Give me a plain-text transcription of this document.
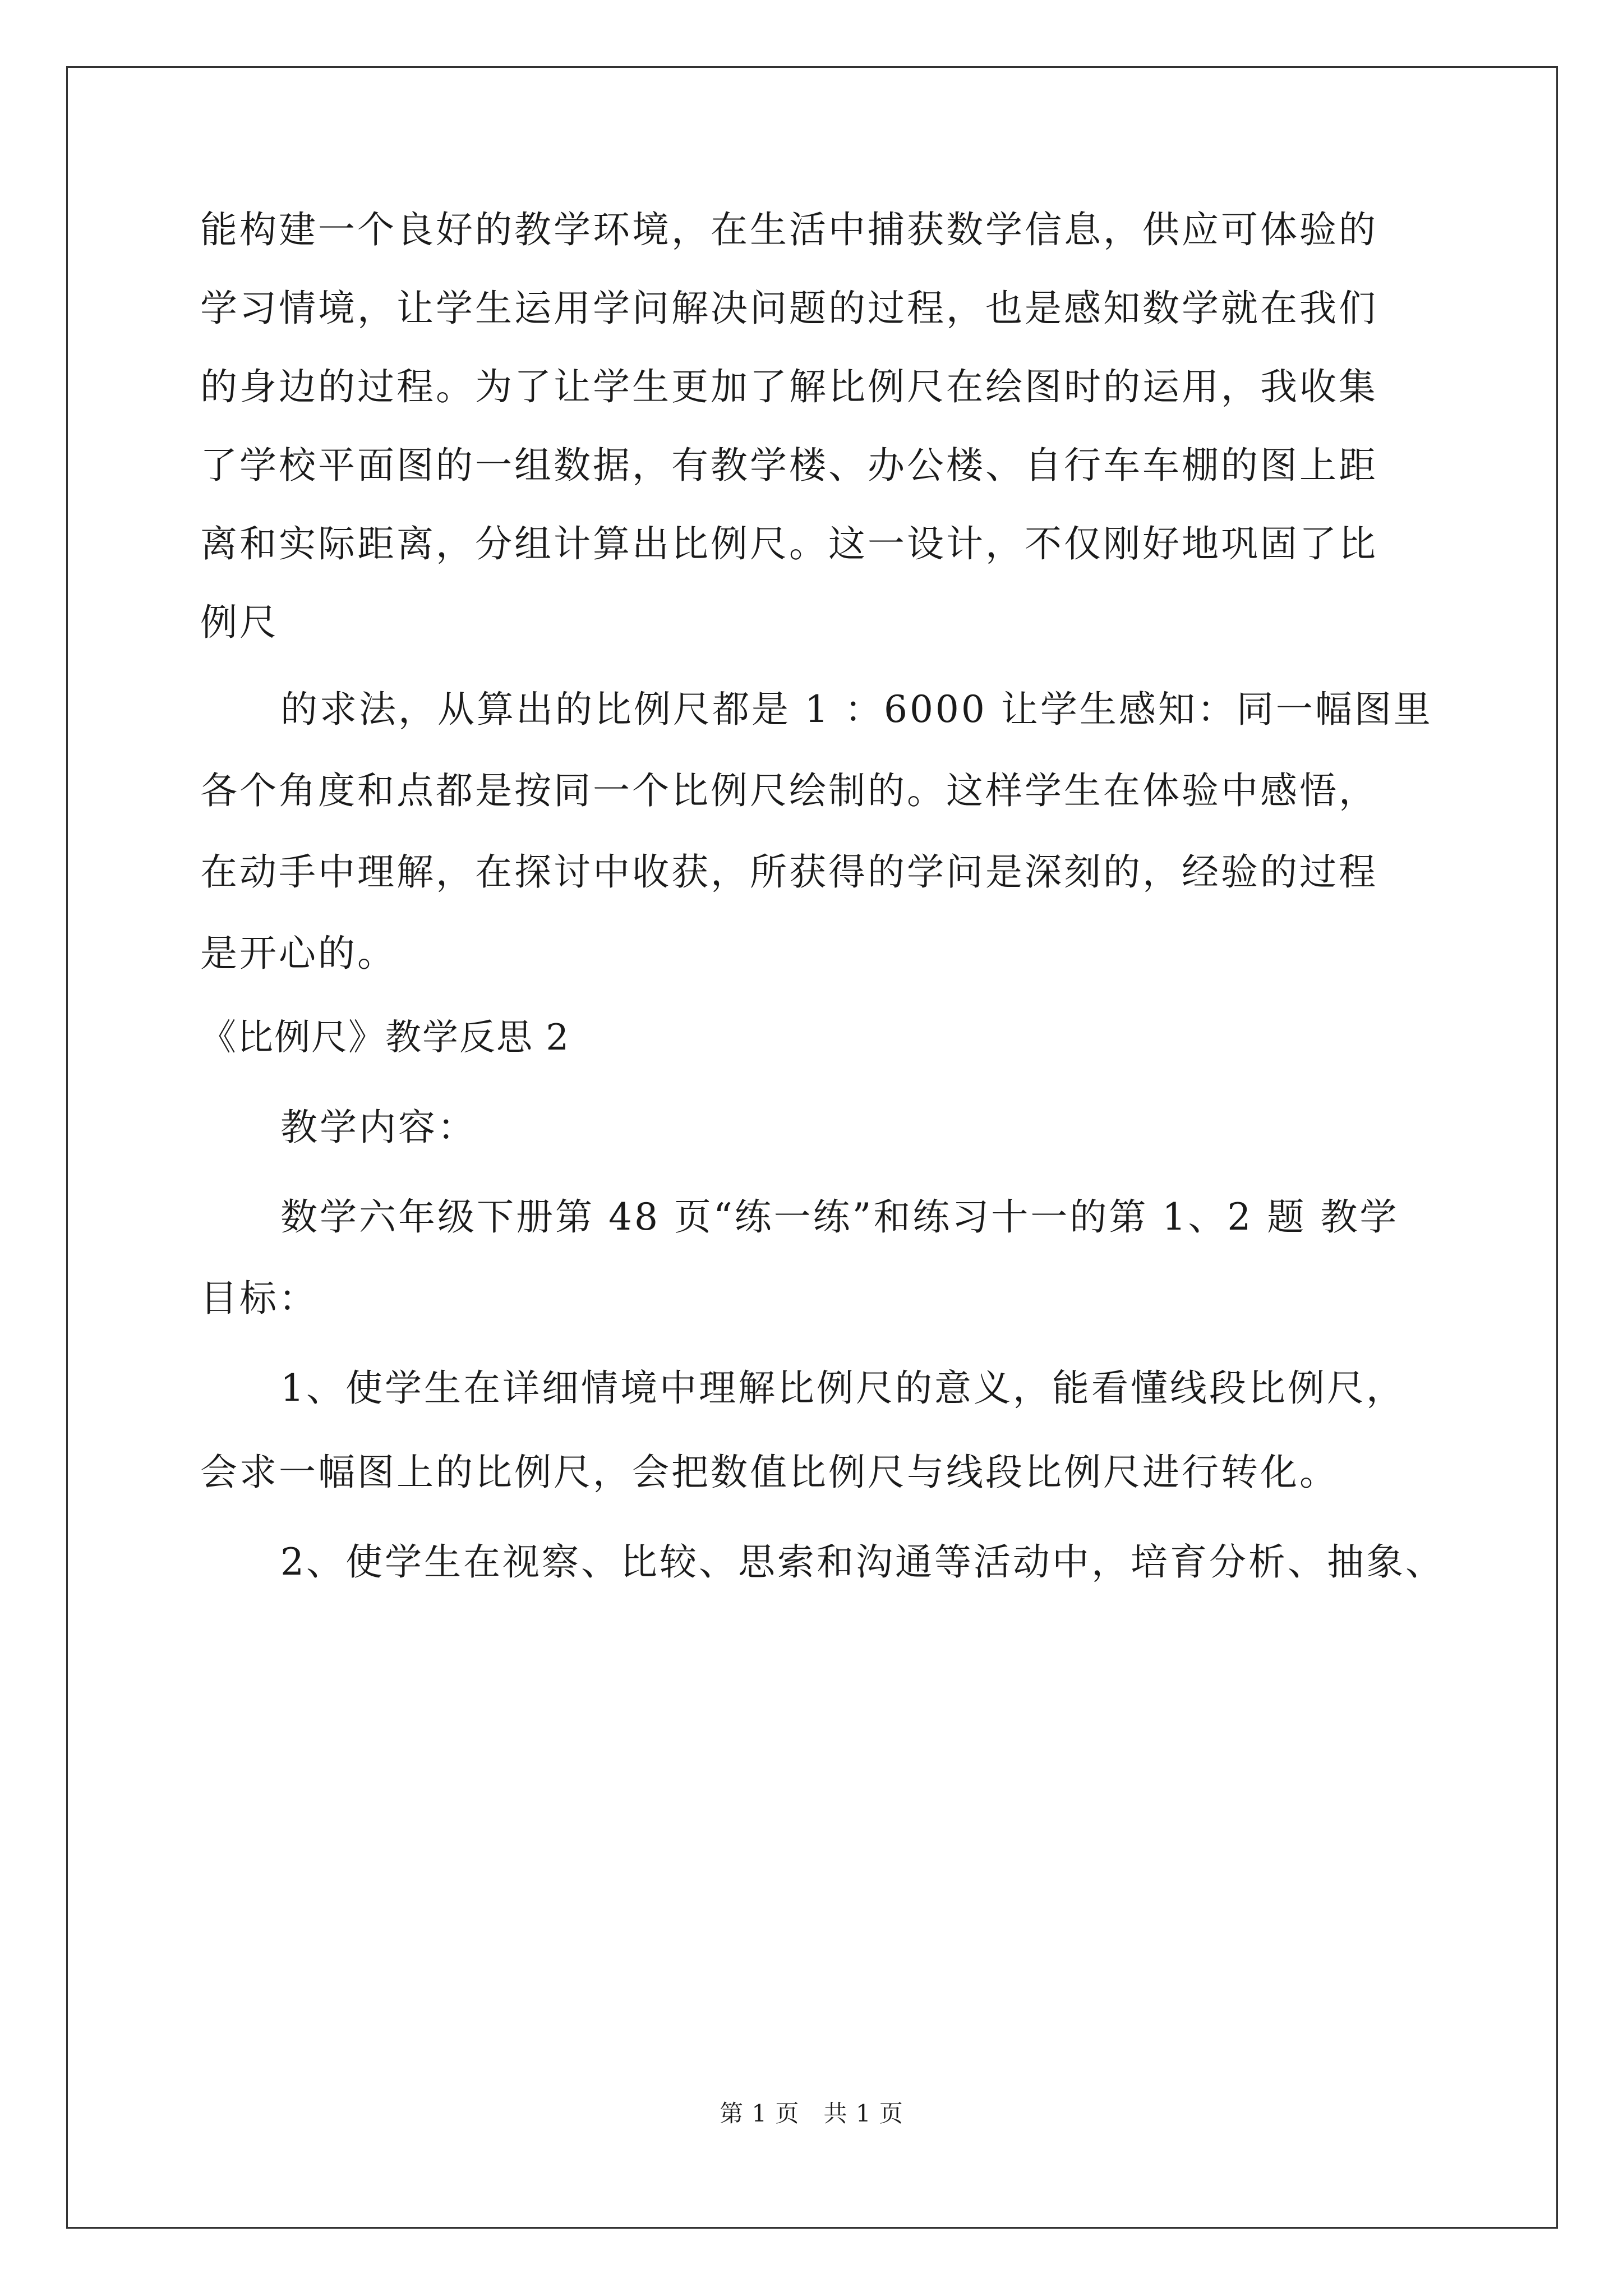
能构建一个良好的教学环境，在生活中捕获数学信息，供应可体验的
学习情境，让学生运用学问解决问题的过程，也是感知数学就在我们
的身边的过程。为了让学生更加了解比例尺在绘图时的运用，我收集
了学校平面图的一组数据，有教学楼、办公楼、自行车车棚的图上距
离和实际距离，分组计算出比例尺。这一设计，不仅刚好地巩固了比
例尺
的求法，从算出的比例尺都是 1 ：6000 让学生感知：同一幅图里
各个角度和点都是按同一个比例尺绘制的。这样学生在体验中感悟，
在动手中理解，在探讨中收获，所获得的学问是深刻的，经验的过程
是开心的。
《比例尺》教学反思 2
教学内容：
数学六年级下册第 48 页“练一练”和练习十一的第 1、2 题 教学
目标：
1、使学生在详细情境中理解比例尺的意义，能看懂线段比例尺，
会求一幅图上的比例尺，会把数值比例尺与线段比例尺进行转化。
2、使学生在视察、比较、思索和沟通等活动中，培育分析、抽象、
第 1 页　共 1 页
